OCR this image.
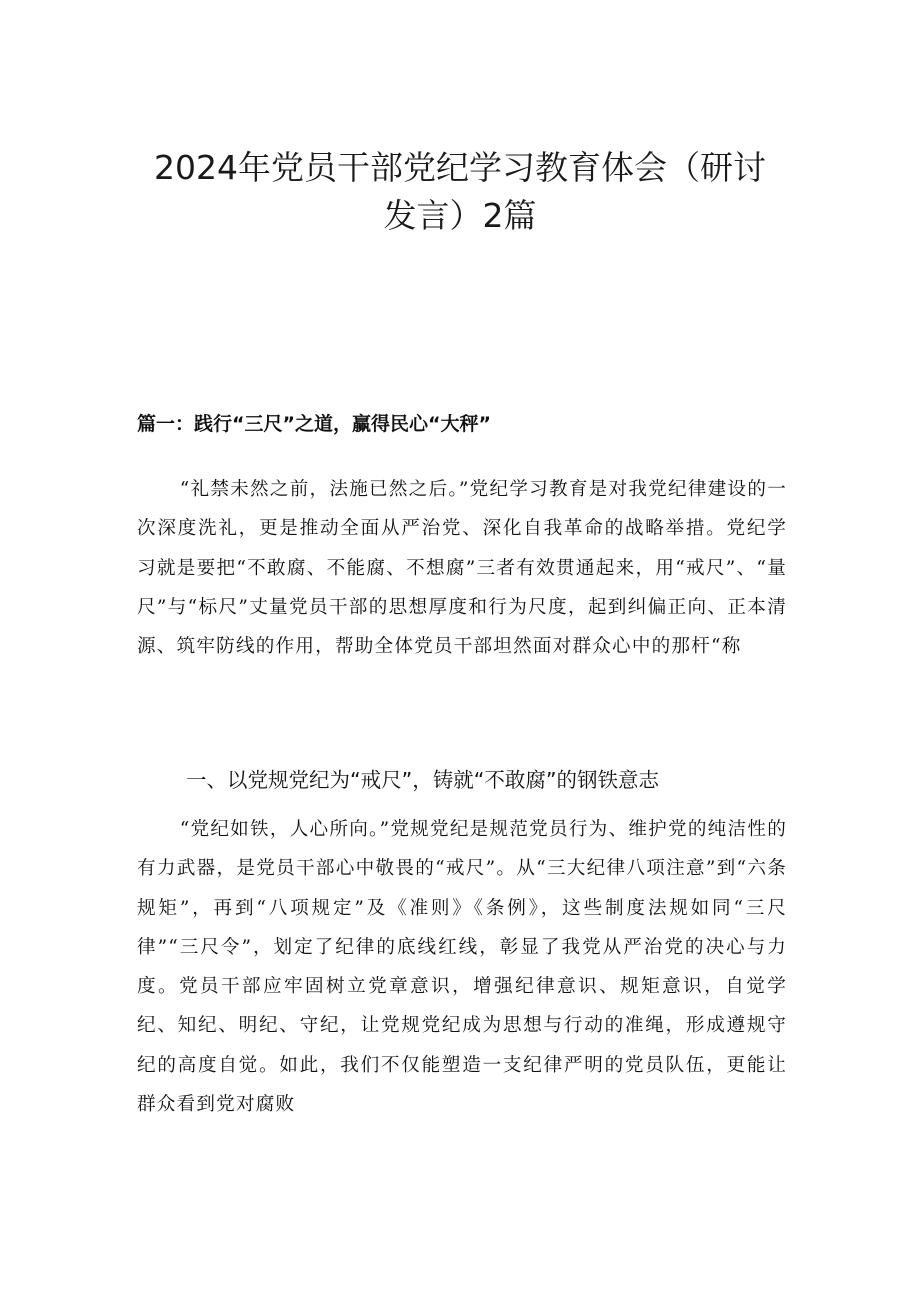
2024年党员干部党纪学习教育体会（研讨
发言）2篇
篇一：践行“三尺”之道，赢得民心“大秤”
“礼禁未然之前，法施已然之后。”党纪学习教育是对我党纪律建设的一次深度洗礼，更是推动全面从严治党、深化自我革命的战略举措。党纪学习就是要把“不敢腐、不能腐、不想腐”三者有效贯通起来，用“戒尺”、“量尺”与“标尺”丈量党员干部的思想厚度和行为尺度，起到纠偏正向、正本清源、筑牢防线的作用，帮助全体党员干部坦然面对群众心中的那杆“称
一、以党规党纪为“戒尺”，铸就“不敢腐”的钢铁意志
“党纪如铁，人心所向。”党规党纪是规范党员行为、维护党的纯洁性的有力武器，是党员干部心中敬畏的“戒尺”。从“三大纪律八项注意”到“六条规矩”，再到“八项规定”及《准则》《条例》，这些制度法规如同“三尺律”“三尺令”，划定了纪律的底线红线，彰显了我党从严治党的决心与力度。党员干部应牢固树立党章意识，增强纪律意识、规矩意识，自觉学纪、知纪、明纪、守纪，让党规党纪成为思想与行动的准绳，形成遵规守纪的高度自觉。如此，我们不仅能塑造一支纪律严明的党员队伍，更能让群众看到党对腐败
